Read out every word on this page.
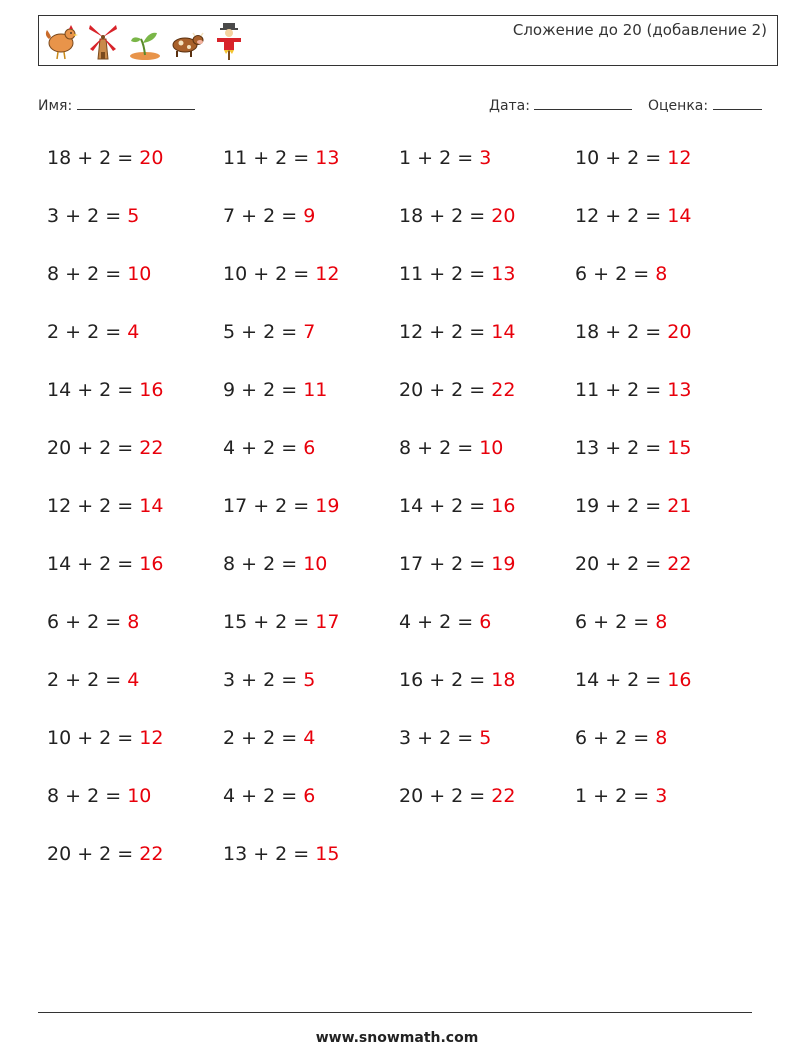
Сложение до 20 (добавление 2)
Имя:	Дата:	Оценка:
18 + 2 = 20	11 + 2 = 13	1 + 2 = 3	10 + 2 = 12
3 + 2 = 5	7 + 2 = 9	18 + 2 = 20	12 + 2 = 14
8 + 2 = 10	10 + 2 = 12	11 + 2 = 13	6 + 2 = 8
2 + 2 = 4	5 + 2 = 7	12 + 2 = 14	18 + 2 = 20
14 + 2 = 16	9 + 2 = 11	20 + 2 = 22	11 + 2 = 13
20 + 2 = 22	4 + 2 = 6	8 + 2 = 10	13 + 2 = 15
12 + 2 = 14	17 + 2 = 19	14 + 2 = 16	19 + 2 = 21
14 + 2 = 16	8 + 2 = 10	17 + 2 = 19	20 + 2 = 22
6 + 2 = 8	15 + 2 = 17	4 + 2 = 6	6 + 2 = 8
2 + 2 = 4	3 + 2 = 5	16 + 2 = 18	14 + 2 = 16
10 + 2 = 12	2 + 2 = 4	3 + 2 = 5	6 + 2 = 8
8 + 2 = 10	4 + 2 = 6	20 + 2 = 22	1 + 2 = 3
20 + 2 = 22	13 + 2 = 15
www.snowmath.com
